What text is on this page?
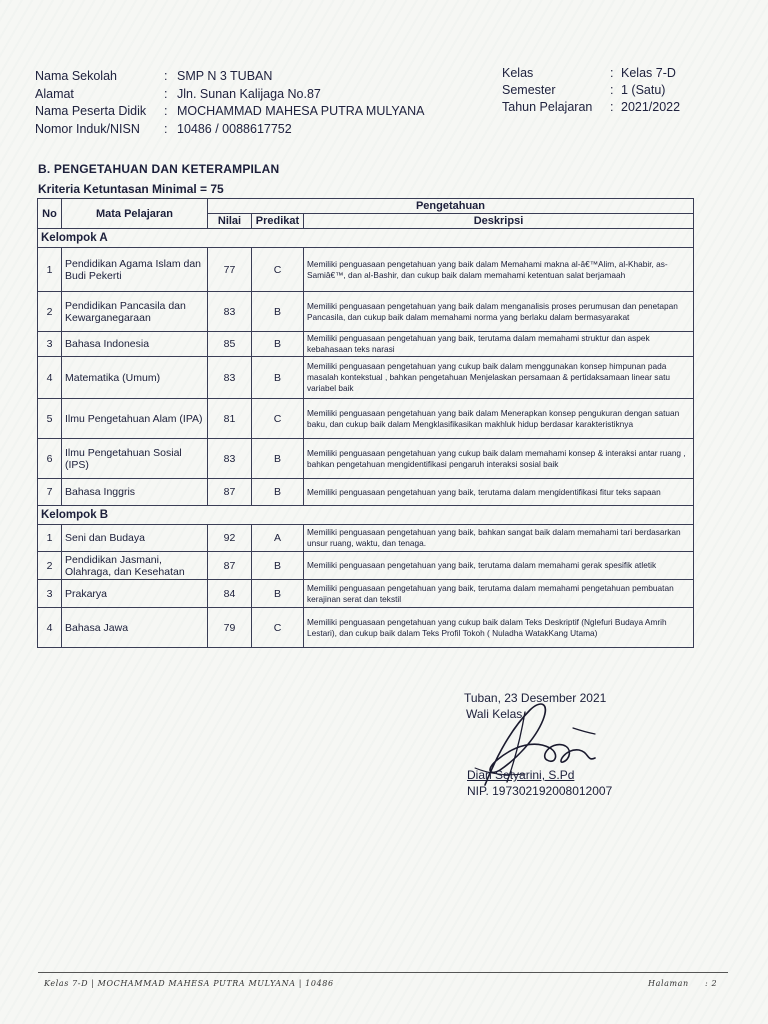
Nama Sekolah	: SMP N 3 TUBAN
Alamat	: Jln. Sunan Kalijaga No.87
Nama Peserta Didik : MOCHAMMAD MAHESA PUTRA MULYANA
Nomor Induk/NISN : 10486 / 0088617752
Kelas	: Kelas 7-D
Semester	: 1 (Satu)
Tahun Pelajaran : 2021/2022
B. PENGETAHUAN DAN KETERAMPILAN
Kriteria Ketuntasan Minimal = 75
No	Mata Pelajaran	Pengetahuan		
		Nilai	Predikat	Deskripsi
Kelompok A				
1	Pendidikan Agama Islam dan Budi Pekerti	77	C	Memiliki penguasaan pengetahuan yang baik dalam Memahami makna al-â€™Alim, al-Khabir, as-Samiâ€™, dan al-Bashir, dan cukup baik dalam memahami ketentuan salat berjamaah
2	Pendidikan Pancasila dan Kewarganegaraan	83	B	Memiliki penguasaan pengetahuan yang baik dalam menganalisis proses perumusan dan penetapan Pancasila, dan cukup baik dalam memahami norma yang berlaku dalam bermasyarakat
3	Bahasa Indonesia	85	B	Memiliki penguasaan pengetahuan yang baik, terutama dalam memahami struktur dan aspek kebahasaan teks narasi
4	Matematika (Umum)	83	B	Memiliki penguasaan pengetahuan yang cukup baik dalam menggunakan konsep himpunan pada masalah kontekstual , bahkan pengetahuan Menjelaskan persamaan & pertidaksamaan linear satu variabel baik
5	Ilmu Pengetahuan Alam (IPA)	81	C	Memiliki penguasaan pengetahuan yang baik dalam Menerapkan konsep pengukuran dengan satuan baku, dan cukup baik dalam Mengklasifikasikan makhluk hidup berdasar karakteristiknya
6	Ilmu Pengetahuan Sosial (IPS)	83	B	Memiliki penguasaan pengetahuan yang cukup baik dalam memahami konsep & interaksi antar ruang , bahkan pengetahuan mengidentifikasi pengaruh interaksi sosial baik
7	Bahasa Inggris	87	B	Memiliki penguasaan pengetahuan yang baik, terutama dalam mengidentifikasi fitur teks sapaan
Kelompok B				
1	Seni dan Budaya	92	A	Memiliki penguasaan pengetahuan yang baik, bahkan sangat baik dalam memahami tari berdasarkan unsur ruang, waktu, dan tenaga.
2	Pendidikan Jasmani, Olahraga, dan Kesehatan	87	B	Memiliki penguasaan pengetahuan yang baik, terutama dalam memahami gerak spesifik atletik
3	Prakarya	84	B	Memiliki penguasaan pengetahuan yang baik, terutama dalam memahami pengetahuan pembuatan kerajinan serat dan tekstil
4	Bahasa Jawa	79	C	Memiliki penguasaan pengetahuan yang cukup baik dalam Teks Deskriptif (Nglefuri Budaya Amrih Lestari), dan cukup baik dalam Teks Profil Tokoh ( Nuladha WatakKang Utama)
Tuban, 23 Desember 2021
Wali Kelas,
Dian Setyarini, S.Pd
NIP. 197302192008012007
Kelas 7-D | MOCHAMMAD MAHESA PUTRA MULYANA | 10486	Halaman : 2
